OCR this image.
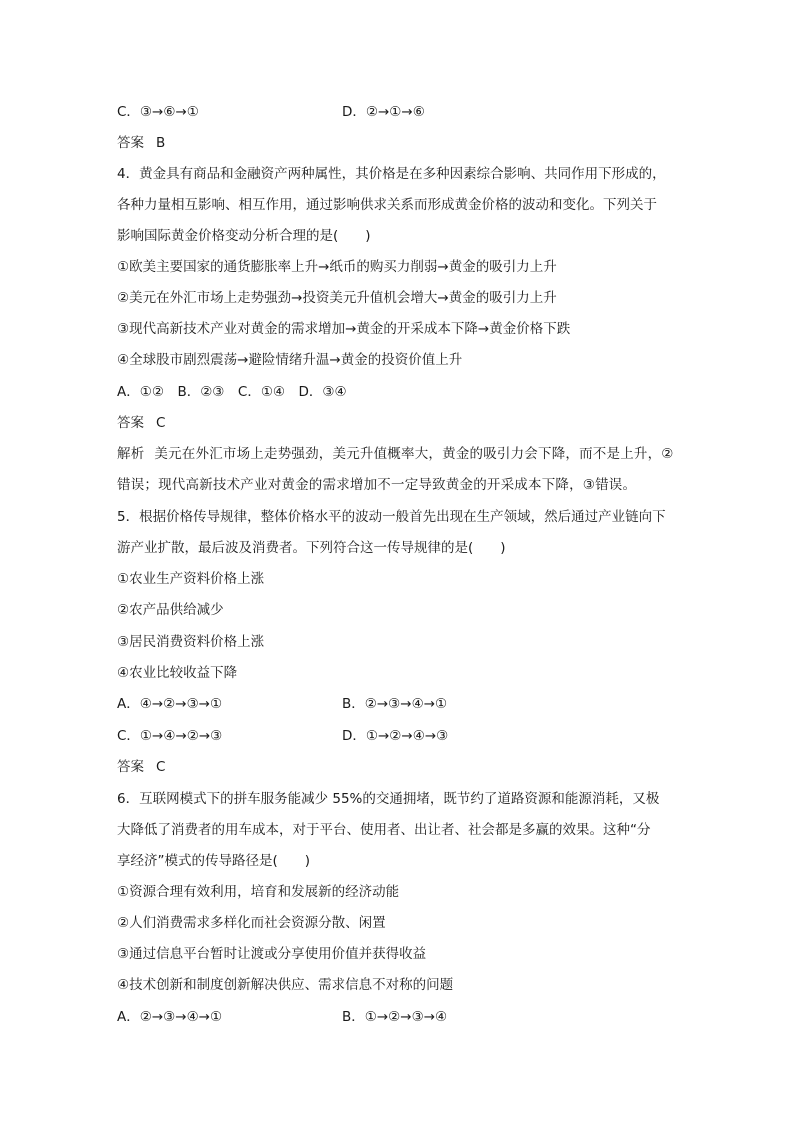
C．③→⑥→①	D．②→①→⑥
答案 B
4．黄金具有商品和金融资产两种属性，其价格是在多种因素综合影响、共同作用下形成的，
各种力量相互影响、相互作用，通过影响供求关系而形成黄金价格的波动和变化。下列关于
影响国际黄金价格变动分析合理的是(　　)
①欧美主要国家的通货膨胀率上升→纸币的购买力削弱→黄金的吸引力上升
②美元在外汇市场上走势强劲→投资美元升值机会增大→黄金的吸引力上升
③现代高新技术产业对黄金的需求增加→黄金的开采成本下降→黄金价格下跌
④全球股市剧烈震荡→避险情绪升温→黄金的投资价值上升
A．①②　B．②③　C．①④　D．③④
答案 C
解析 美元在外汇市场上走势强劲，美元升值概率大，黄金的吸引力会下降，而不是上升，②
错误；现代高新技术产业对黄金的需求增加不一定导致黄金的开采成本下降，③错误。
5．根据价格传导规律，整体价格水平的波动一般首先出现在生产领域，然后通过产业链向下
游产业扩散，最后波及消费者。下列符合这一传导规律的是(　　)
①农业生产资料价格上涨
②农产品供给减少
③居民消费资料价格上涨
④农业比较收益下降
A．④→②→③→①	B．②→③→④→①
C．①→④→②→③	D．①→②→④→③
答案 C
6．互联网模式下的拼车服务能减少 55%的交通拥堵，既节约了道路资源和能源消耗，又极
大降低了消费者的用车成本，对于平台、使用者、出让者、社会都是多赢的效果。这种“分
享经济”模式的传导路径是(　　)
①资源合理有效利用，培育和发展新的经济动能
②人们消费需求多样化而社会资源分散、闲置
③通过信息平台暂时让渡或分享使用价值并获得收益
④技术创新和制度创新解决供应、需求信息不对称的问题
A．②→③→④→①	B．①→②→③→④
